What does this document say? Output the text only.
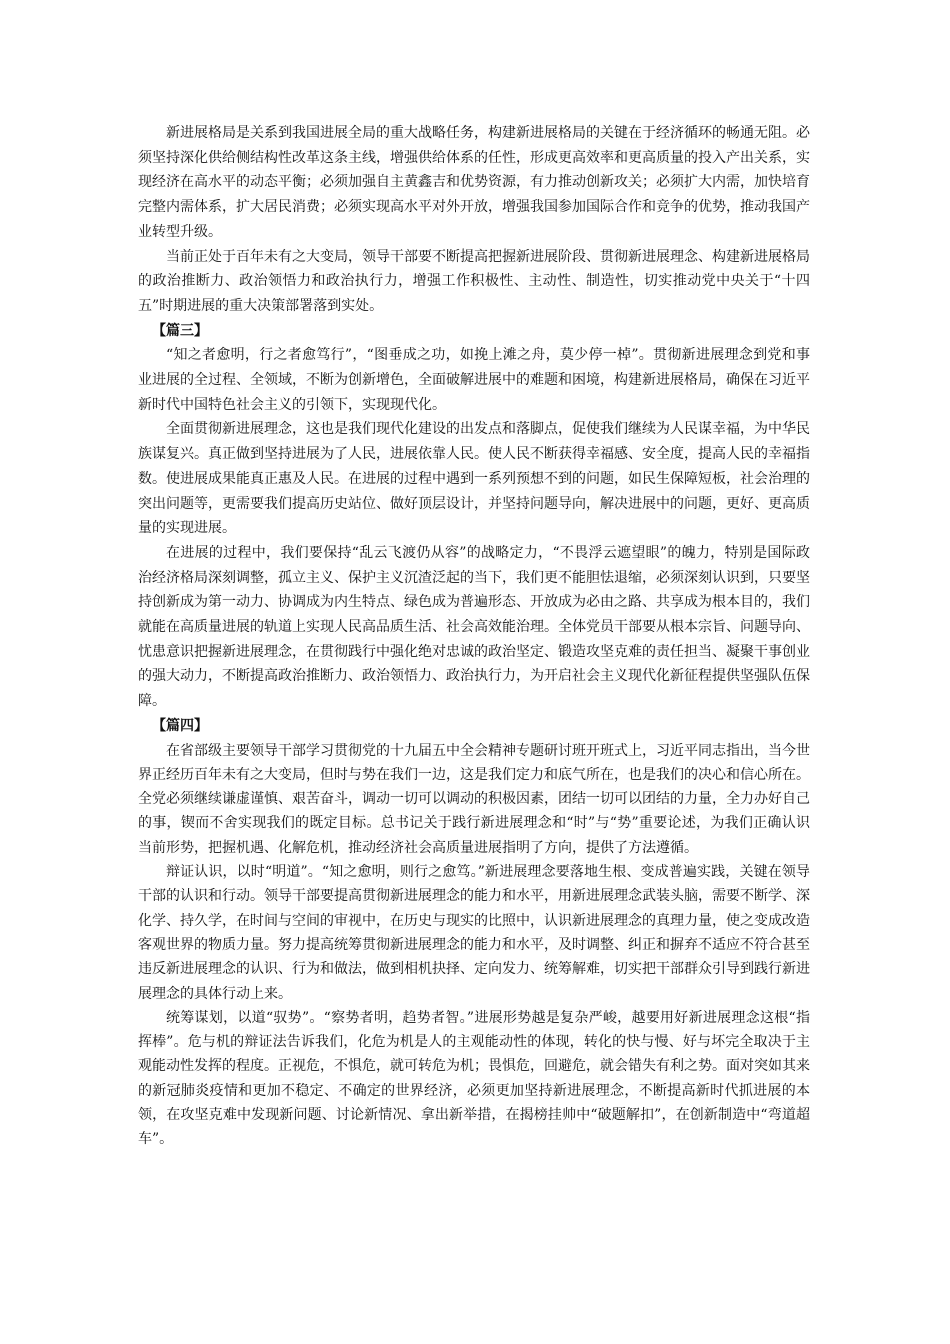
新进展格局是关系到我国进展全局的重大战略任务，构建新进展格局的关键在于经济循环的畅通无阻。必须坚持深化供给侧结构性改革这条主线，增强供给体系的任性，形成更高效率和更高质量的投入产出关系，实现经济在高水平的动态平衡；必须加强自主黄鑫吉和优势资源，有力推动创新攻关；必须扩大内需，加快培育完整内需体系，扩大居民消费；必须实现高水平对外开放，增强我国参加国际合作和竞争的优势，推动我国产业转型升级。

当前正处于百年未有之大变局，领导干部要不断提高把握新进展阶段、贯彻新进展理念、构建新进展格局的政治推断力、政治领悟力和政治执行力，增强工作积极性、主动性、制造性，切实推动党中央关于“十四五”时期进展的重大决策部署落到实处。

【篇三】

“知之者愈明，行之者愈笃行”，“图垂成之功，如挽上滩之舟，莫少停一棹”。贯彻新进展理念到党和事业进展的全过程、全领域，不断为创新增色，全面破解进展中的难题和困境，构建新进展格局，确保在习近平新时代中国特色社会主义的引领下，实现现代化。

全面贯彻新进展理念，这也是我们现代化建设的出发点和落脚点，促使我们继续为人民谋幸福，为中华民族谋复兴。真正做到坚持进展为了人民，进展依靠人民。使人民不断获得幸福感、安全度，提高人民的幸福指数。使进展成果能真正惠及人民。在进展的过程中遇到一系列预想不到的问题，如民生保障短板，社会治理的突出问题等，更需要我们提高历史站位、做好顶层设计，并坚持问题导向，解决进展中的问题，更好、更高质量的实现进展。

在进展的过程中，我们要保持“乱云飞渡仍从容”的战略定力，“不畏浮云遮望眼”的魄力，特别是国际政治经济格局深刻调整，孤立主义、保护主义沉渣泛起的当下，我们更不能胆怯退缩，必须深刻认识到，只要坚持创新成为第一动力、协调成为内生特点、绿色成为普遍形态、开放成为必由之路、共享成为根本目的，我们就能在高质量进展的轨道上实现人民高品质生活、社会高效能治理。全体党员干部要从根本宗旨、问题导向、忧患意识把握新进展理念，在贯彻践行中强化绝对忠诚的政治坚定、锻造攻坚克难的责任担当、凝聚干事创业的强大动力，不断提高政治推断力、政治领悟力、政治执行力，为开启社会主义现代化新征程提供坚强队伍保障。

【篇四】

在省部级主要领导干部学习贯彻党的十九届五中全会精神专题研讨班开班式上，习近平同志指出，当今世界正经历百年未有之大变局，但时与势在我们一边，这是我们定力和底气所在，也是我们的决心和信心所在。全党必须继续谦虚谨慎、艰苦奋斗，调动一切可以调动的积极因素，团结一切可以团结的力量，全力办好自己的事，锲而不舍实现我们的既定目标。总书记关于践行新进展理念和“时”与“势”重要论述，为我们正确认识当前形势，把握机遇、化解危机，推动经济社会高质量进展指明了方向，提供了方法遵循。

辩证认识，以时“明道”。“知之愈明，则行之愈笃。”新进展理念要落地生根、变成普遍实践，关键在领导干部的认识和行动。领导干部要提高贯彻新进展理念的能力和水平，用新进展理念武装头脑，需要不断学、深化学、持久学，在时间与空间的审视中，在历史与现实的比照中，认识新进展理念的真理力量，使之变成改造客观世界的物质力量。努力提高统筹贯彻新进展理念的能力和水平，及时调整、纠正和摒弃不适应不符合甚至违反新进展理念的认识、行为和做法，做到相机抉择、定向发力、统筹解难，切实把干部群众引导到践行新进展理念的具体行动上来。

统筹谋划，以道“驭势”。“察势者明，趋势者智。”进展形势越是复杂严峻，越要用好新进展理念这根“指挥棒”。危与机的辩证法告诉我们，化危为机是人的主观能动性的体现，转化的快与慢、好与坏完全取决于主观能动性发挥的程度。正视危，不惧危，就可转危为机；畏惧危，回避危，就会错失有利之势。面对突如其来的新冠肺炎疫情和更加不稳定、不确定的世界经济，必须更加坚持新进展理念，不断提高新时代抓进展的本领，在攻坚克难中发现新问题、讨论新情况、拿出新举措，在揭榜挂帅中“破题解扣”，在创新制造中“弯道超车”。
